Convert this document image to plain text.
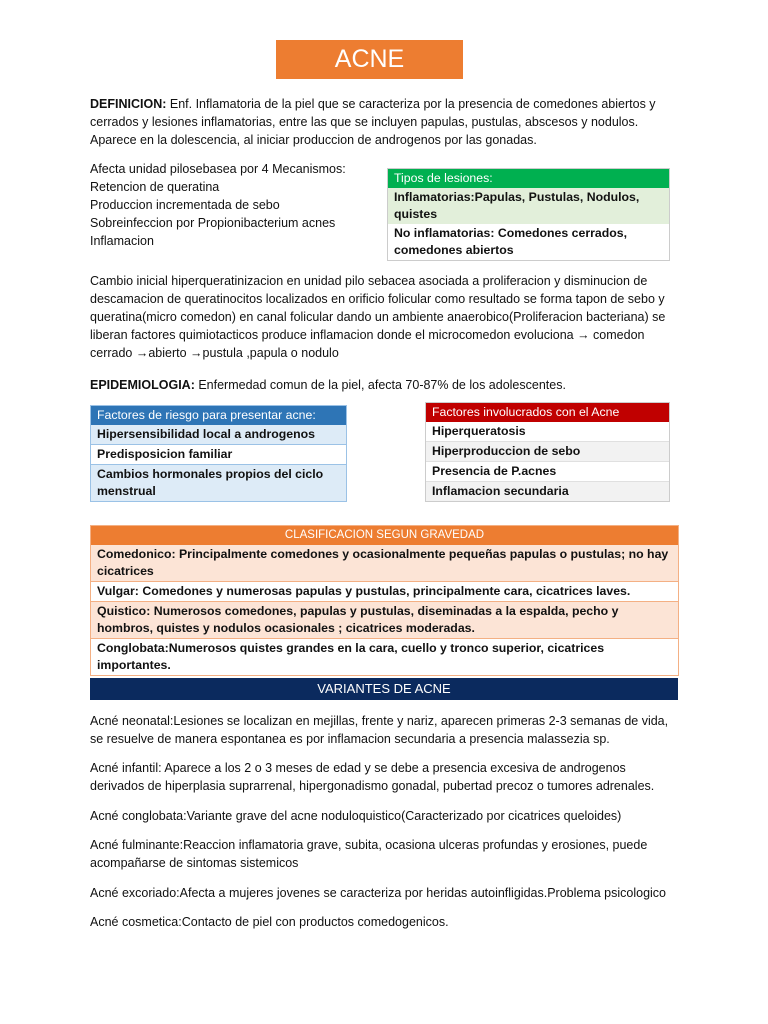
ACNE
DEFINICION: Enf. Inflamatoria de la piel que se caracteriza por la presencia de comedones abiertos y cerrados y lesiones inflamatorias, entre las que se incluyen papulas, pustulas, abscesos y nodulos. Aparece en la dolescencia, al iniciar produccion de androgenos por las gonadas.
Afecta unidad pilosebasea por 4 Mecanismos:
Retencion de queratina
Produccion incrementada de sebo
Sobreinfeccion por Propionibacterium acnes
Inflamacion
Tipos de lesiones:
Inflamatorias:Papulas, Pustulas, Nodulos, quistes
No inflamatorias: Comedones cerrados, comedones abiertos
Cambio inicial hiperqueratinizacion en unidad pilo sebacea asociada a proliferacion y disminucion de descamacion de queratinocitos localizados en orificio folicular como resultado se forma tapon de sebo y queratina(micro comedon) en canal folicular dando un ambiente anaerobico(Proliferacion bacteriana) se liberan factores quimiotacticos produce inflamacion donde el microcomedon evoluciona → comedon cerrado →abierto →pustula ,papula o nodulo
EPIDEMIOLOGIA: Enfermedad comun de la piel, afecta 70-87% de los adolescentes.
Factores de riesgo para presentar acne:
Hipersensibilidad local a androgenos
Predisposicion familiar
Cambios hormonales propios del ciclo menstrual
Factores involucrados con el Acne
Hiperqueratosis
Hiperproduccion de sebo
Presencia de P.acnes
Inflamacion secundaria
CLASIFICACION SEGUN GRAVEDAD
Comedonico: Principalmente comedones y ocasionalmente pequeñas papulas o pustulas; no hay cicatrices
Vulgar: Comedones y numerosas papulas y pustulas, principalmente cara, cicatrices laves.
Quistico: Numerosos comedones, papulas y pustulas, diseminadas a la espalda, pecho y hombros, quistes y nodulos ocasionales ; cicatrices moderadas.
Conglobata:Numerosos quistes grandes en la cara, cuello y tronco superior, cicatrices importantes.
VARIANTES DE ACNE
Acné neonatal:Lesiones se localizan en mejillas, frente y nariz, aparecen primeras 2-3 semanas de vida, se resuelve de manera espontanea es por inflamacion secundaria a presencia malassezia sp.
Acné infantil: Aparece a los 2 o 3 meses de edad y se debe a presencia excesiva de androgenos derivados de hiperplasia suprarrenal, hipergonadismo gonadal, pubertad precoz o tumores adrenales.
Acné conglobata:Variante grave del acne noduloquistico(Caracterizado por cicatrices queloides)
Acné fulminante:Reaccion inflamatoria grave, subita, ocasiona ulceras profundas y erosiones, puede acompañarse de sintomas sistemicos
Acné excoriado:Afecta a mujeres jovenes se caracteriza por heridas autoinfligidas.Problema psicologico
Acné cosmetica:Contacto de piel con productos comedogenicos.
